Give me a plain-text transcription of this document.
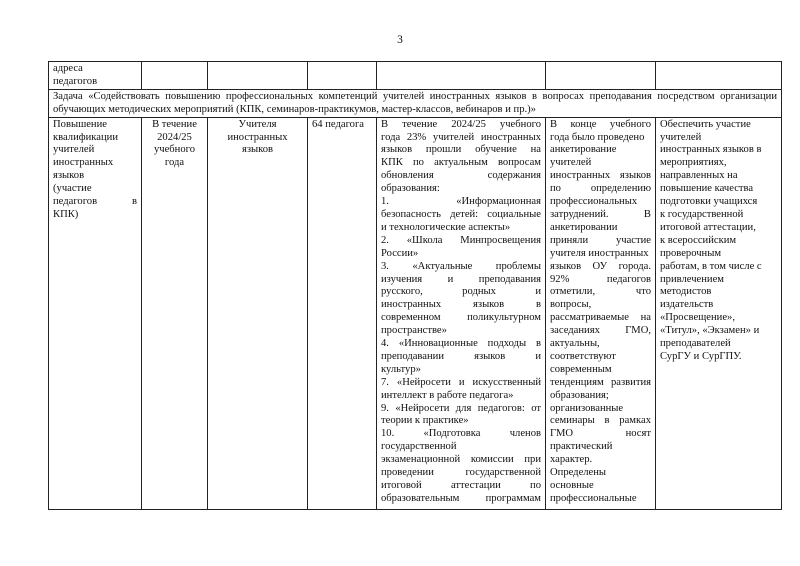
3
адреса
педагогов						

Задача «Содействовать повышению профессиональных компетенций учителей иностранных языков в вопросах преподавания посредством организации обучающих методических мероприятий (КПК, семинаров-практикумов, мастер-классов, вебинаров и пр.)»						

Повышение
квалификации
учителей
иностранных
языков
(участие
педагогов в
КПК)

В течение
2024/25
учебного
года

Учителя
иностранных
языков

64 педагога	В течение 2024/25 учебного
года 23% учителей иностранных
языков прошли обучение на
КПК по актуальным вопросам
обновления содержания
образования:
1. «Информационная
безопасность детей: социальные
и технологические аспекты»
2. «Школа Минпросвещения
России»
3. «Актуальные проблемы
изучения и преподавания
русского, родных и
иностранных языков в
современном поликультурном
пространстве»
4. «Инновационные подходы в
преподавании языков и
культур»
7. «Нейросети и искусственный
интеллект в работе педагога»
9. «Нейросети для педагогов: от
теории к практике»
10. «Подготовка членов
государственной
экзаменационной комиссии при
проведении государственной
итоговой аттестации по
образовательным программам

В конце учебного
года было проведено
анкетирование
учителей
иностранных языков
по определению
профессиональных
затруднений. В
анкетировании
приняли участие
учителя иностранных
языков ОУ города.
92% педагогов
отметили, что
вопросы,
рассматриваемые на
заседаниях ГМО,
актуальны,
соответствуют
современным
тенденциям развития
образования;
организованные
семинары в рамках
ГМО носят
практический
характер.
Определены
основные
профессиональные

Обеспечить участие
учителей
иностранных языков в
мероприятиях,
направленных на
повышение качества
подготовки учащихся
к государственной
итоговой аттестации,
к всероссийским
проверочным
работам, в том числе с
привлечением
методистов
издательств
«Просвещение»,
«Титул», «Экзамен» и
преподавателей
СурГУ и СурГПУ.
